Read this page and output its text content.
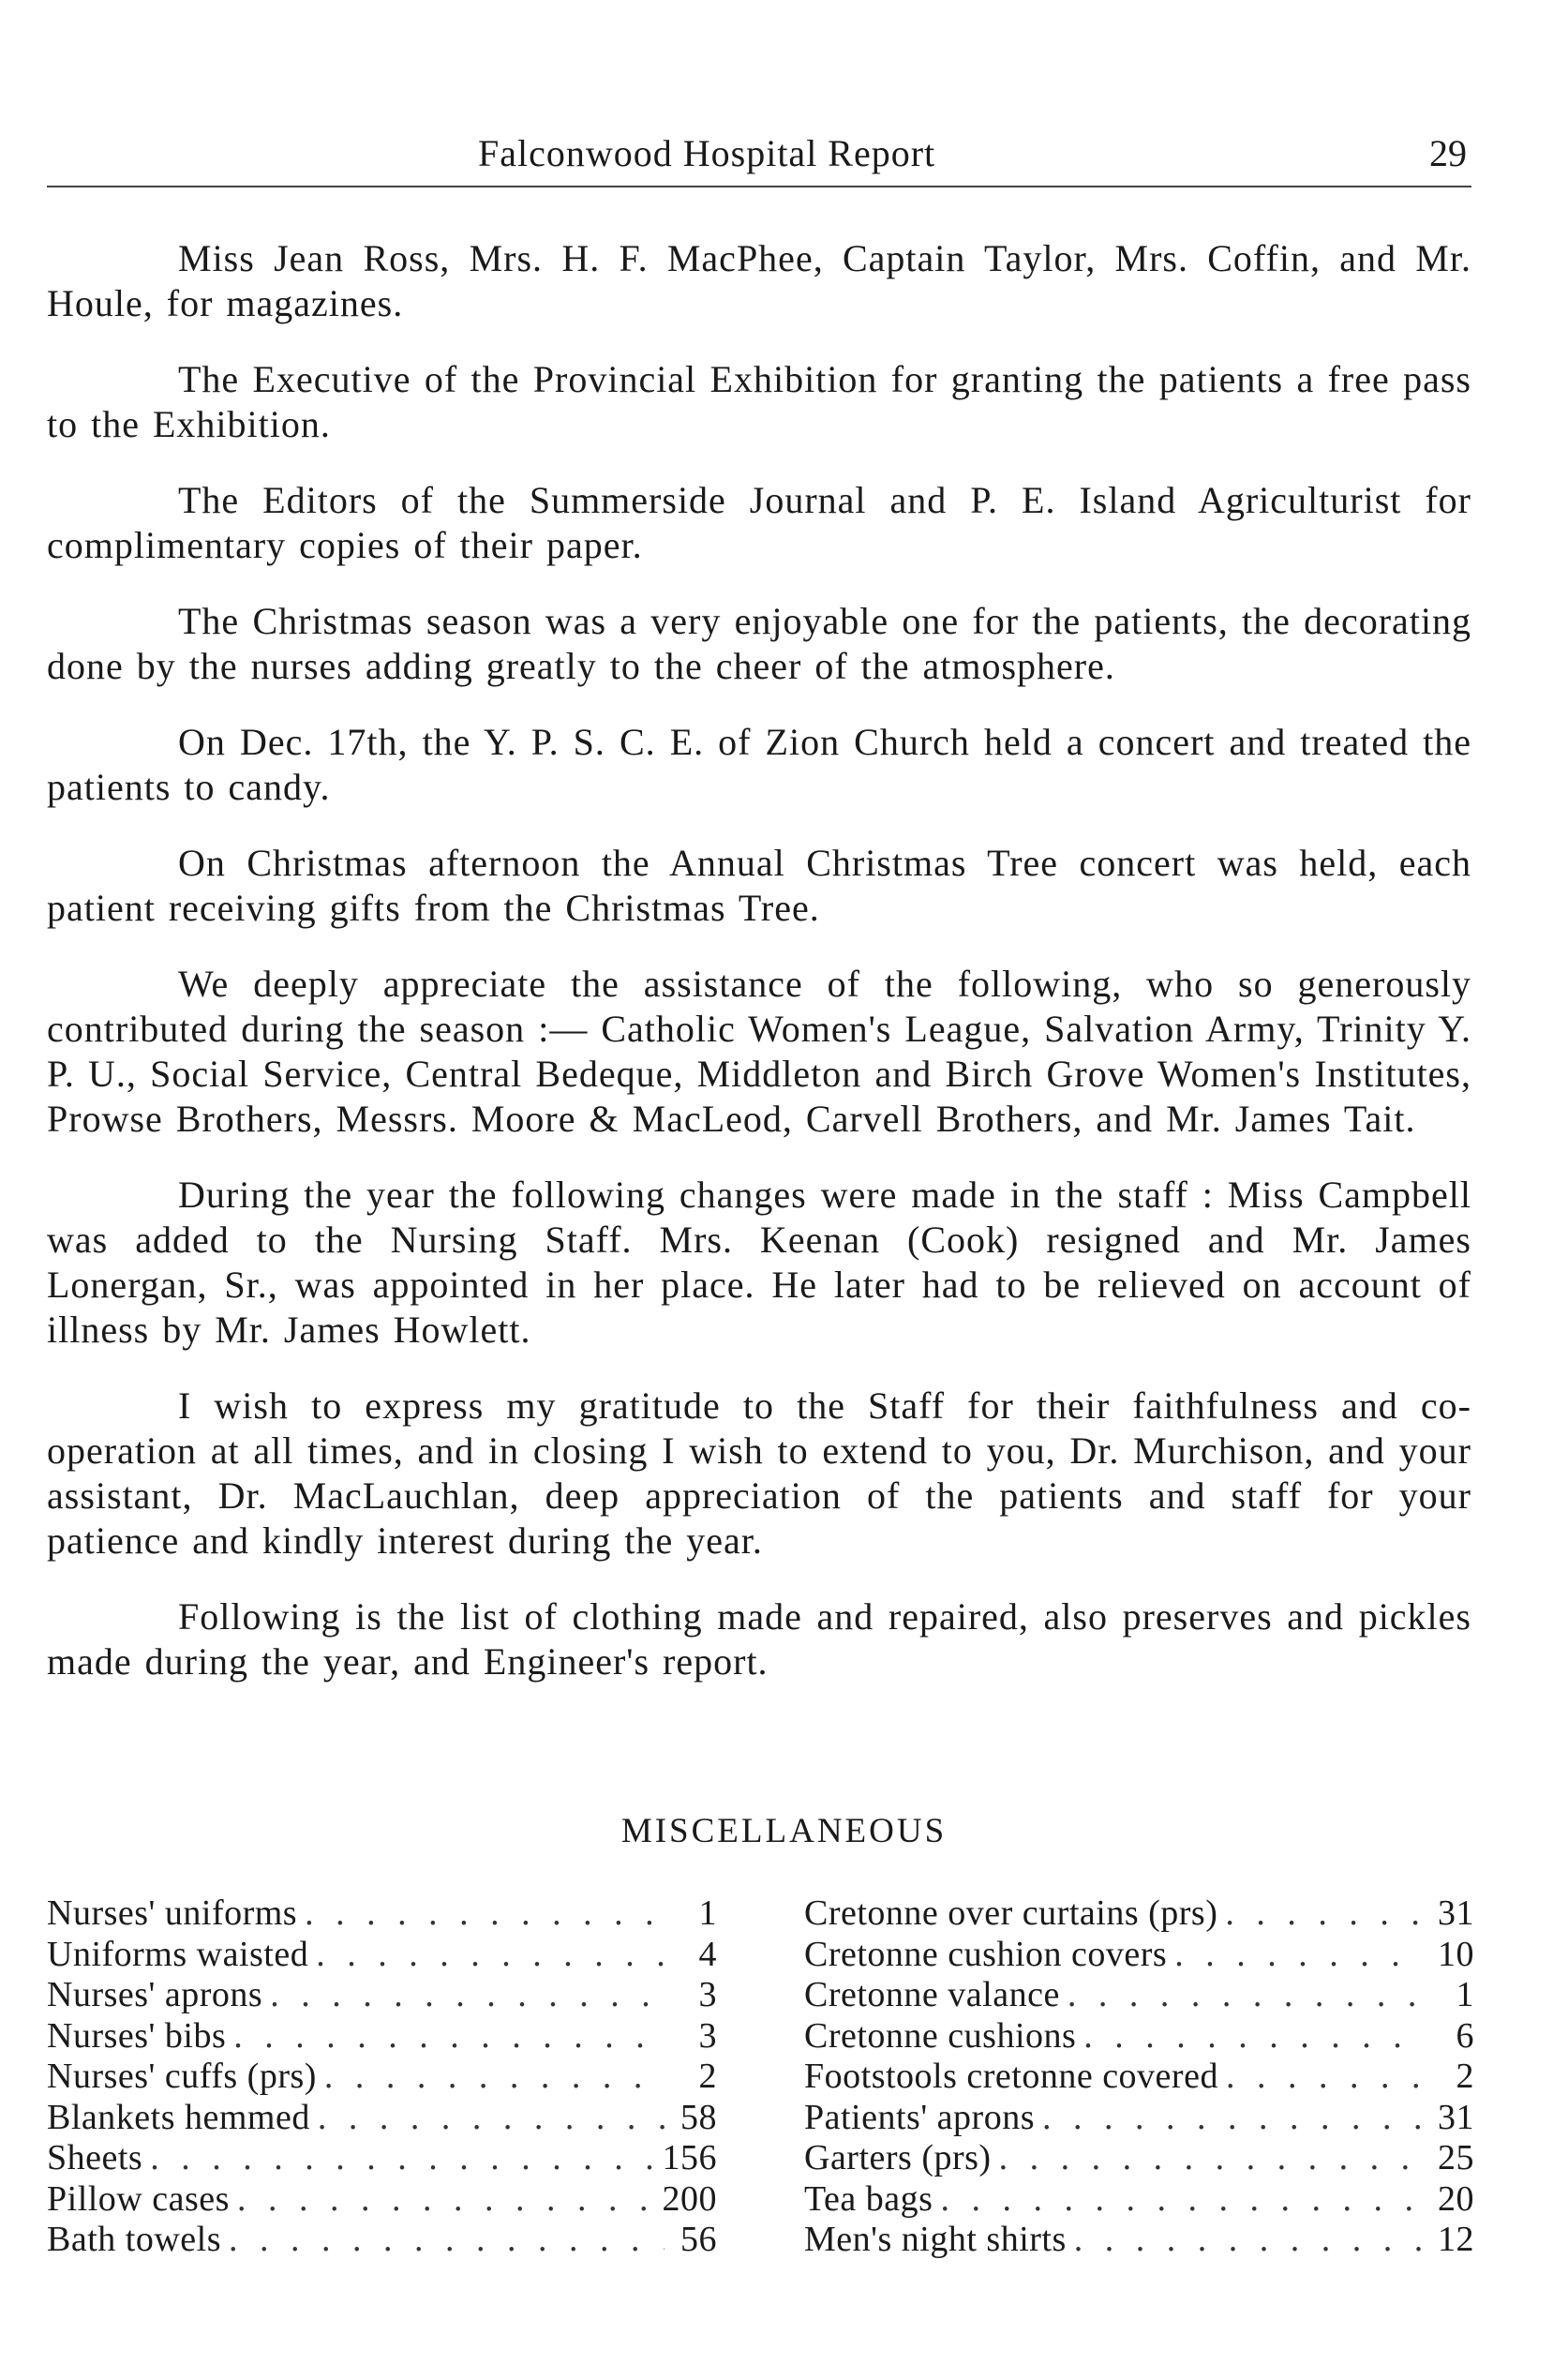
Falconwood Hospital Report	29

Miss Jean Ross, Mrs. H. F. MacPhee, Captain Taylor, Mrs. Coffin, and Mr. Houle, for magazines.

The Executive of the Provincial Exhibition for granting the patients a free pass to the Exhibition.

The Editors of the Summerside Journal and P. E. Island Agriculturist for complimentary copies of their paper.

The Christmas season was a very enjoyable one for the patients, the decorating done by the nurses adding greatly to the cheer of the atmosphere.

On Dec. 17th, the Y. P. S. C. E. of Zion Church held a concert and treated the patients to candy.

On Christmas afternoon the Annual Christmas Tree concert was held, each patient receiving gifts from the Christmas Tree.

We deeply appreciate the assistance of the following, who so generously contributed during the season :— Catholic Women's League, Salvation Army, Trinity Y. P. U., Social Service, Central Bedeque, Middleton and Birch Grove Women's Institutes, Prowse Brothers, Messrs. Moore & MacLeod, Carvell Brothers, and Mr. James Tait.

During the year the following changes were made in the staff : Miss Campbell was added to the Nursing Staff. Mrs. Keenan (Cook) resigned and Mr. James Lonergan, Sr., was appointed in her place. He later had to be relieved on account of illness by Mr. James Howlett.

I wish to express my gratitude to the Staff for their faithfulness and co-operation at all times, and in closing I wish to extend to you, Dr. Murchison, and your assistant, Dr. MacLauchlan, deep appreciation of the patients and staff for your patience and kindly interest during the year.

Following is the list of clothing made and repaired, also preserves and pickles made during the year, and Engineer's report.

MISCELLANEOUS
Nurses' uniforms . . .	1
Uniforms waisted . . .	4
Nurses' aprons . . .	3
Nurses' bibs . . .	3
Nurses' cuffs (prs) . . .	2
Blankets hemmed . . .	58
Sheets . . .	156
Pillow cases . . .	200
Bath towels . . .	56
Cretonne over curtains (prs) . . .	31
Cretonne cushion covers . . .	10
Cretonne valance . . .	1
Cretonne cushions . . .	6
Footstools cretonne covered . . .	2
Patients' aprons . . .	31
Garters (prs) . . .	25
Tea bags . . .	20
Men's night shirts . . .	12
